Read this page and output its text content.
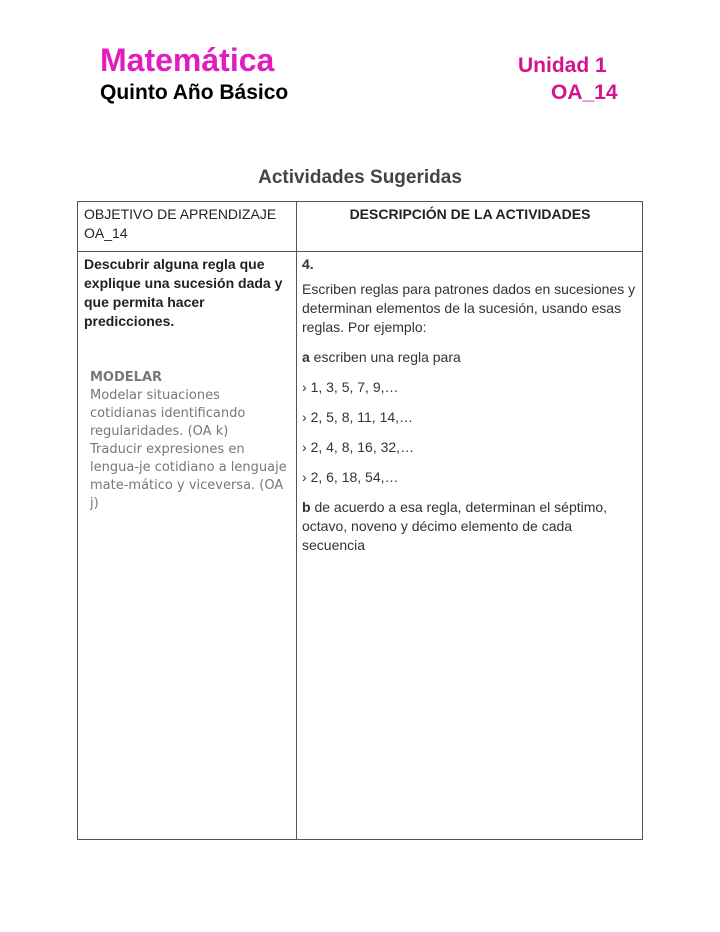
Matemática
Quinto Año Básico
Unidad 1
OA_14
Actividades Sugeridas
OBJETIVO DE APRENDIZAJE
OA_14
DESCRIPCIÓN DE LA ACTIVIDADES
Descubrir alguna regla que explique una sucesión dada y que permita hacer predicciones.
MODELAR
Modelar situaciones cotidianas identificando regularidades. (OA k)
Traducir expresiones en lengua-je cotidiano a lenguaje mate-mático y viceversa. (OA j)

4.

Escriben reglas para patrones dados en sucesiones y determinan elementos de la sucesión, usando esas reglas. Por ejemplo:

a escriben una regla para

› 1, 3, 5, 7, 9,…

› 2, 5, 8, 11, 14,…

› 2, 4, 8, 16, 32,…

› 2, 6, 18, 54,…

b de acuerdo a esa regla, determinan el séptimo, octavo, noveno y décimo elemento de cada secuencia
